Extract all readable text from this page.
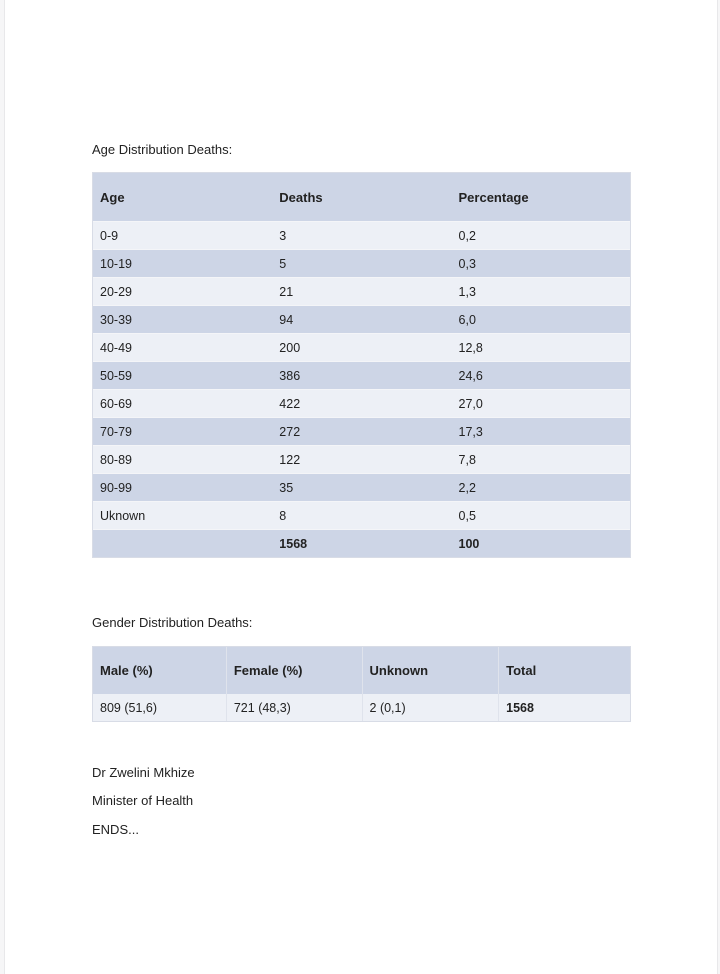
Age Distribution Deaths:

Age	Deaths	Percentage
0-9	3	0,2
10-19	5	0,3
20-29	21	1,3
30-39	94	6,0
40-49	200	12,8
50-59	386	24,6
60-69	422	27,0
70-79	272	17,3
80-89	122	7,8
90-99	35	2,2
Uknown	8	0,5
	1568	100

Gender Distribution Deaths:

Male (%)	Female (%)	Unknown	Total
809 (51,6)	721 (48,3)	2 (0,1)	1568
Dr Zwelini Mkhize
Minister of Health
ENDS...
